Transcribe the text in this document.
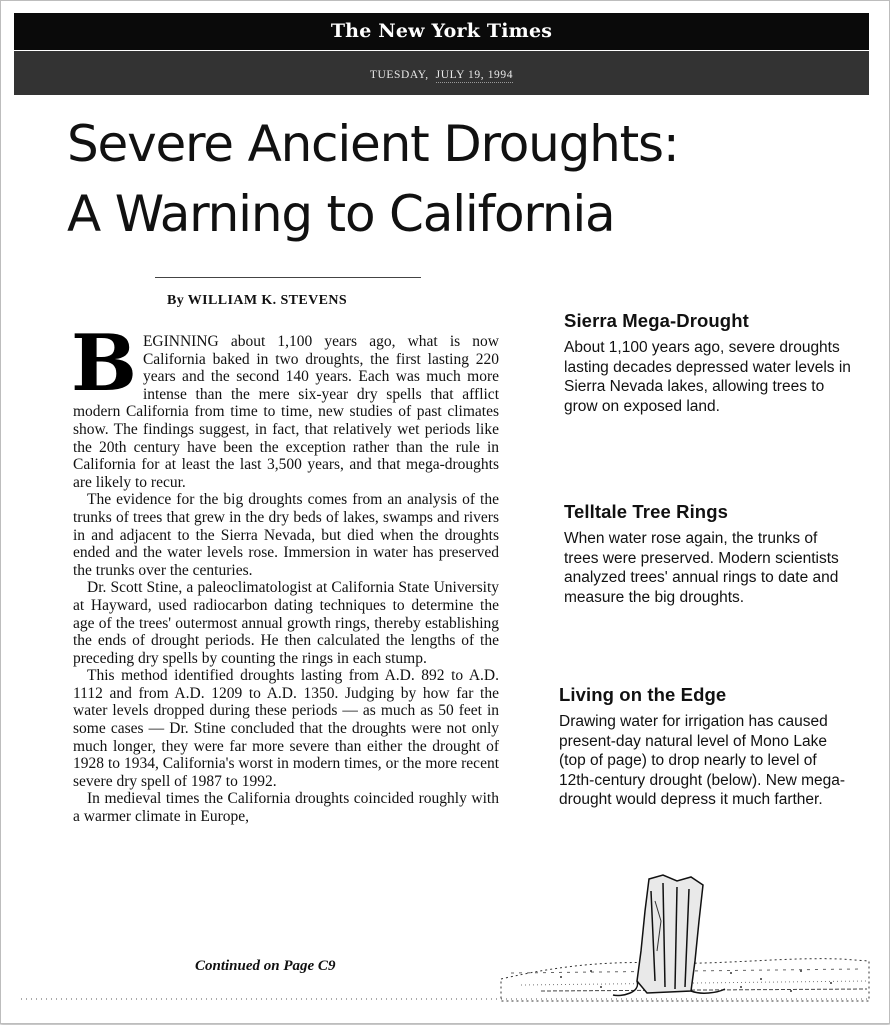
The New York Times
TUESDAY, JULY 19, 1994
Severe Ancient Droughts:
A Warning to California
By WILLIAM K. STEVENS

BEGINNING about 1,100 years ago, what is now California baked in two droughts, the first lasting 220 years and the second 140 years. Each was much more intense than the mere six-year dry spells that afflict modern California from time to time, new studies of past climates show. The findings suggest, in fact, that relatively wet periods like the 20th century have been the exception rather than the rule in California for at least the last 3,500 years, and that mega-droughts are likely to recur.

The evidence for the big droughts comes from an analysis of the trunks of trees that grew in the dry beds of lakes, swamps and rivers in and adjacent to the Sierra Nevada, but died when the droughts ended and the water levels rose. Immersion in water has preserved the trunks over the centuries.

Dr. Scott Stine, a paleoclimatologist at California State University at Hayward, used radiocarbon dating techniques to determine the age of the trees' outermost annual growth rings, thereby establishing the ends of drought periods. He then calculated the lengths of the preceding dry spells by counting the rings in each stump.

This method identified droughts lasting from A.D. 892 to A.D. 1112 and from A.D. 1209 to A.D. 1350. Judging by how far the water levels dropped during these periods — as much as 50 feet in some cases — Dr. Stine concluded that the droughts were not only much longer, they were far more severe than either the drought of 1928 to 1934, California's worst in modern times, or the more recent severe dry spell of 1987 to 1992.

In medieval times the California droughts coincided roughly with a warmer climate in Europe,

Continued on Page C9
Sierra Mega-Drought

About 1,100 years ago, severe droughts lasting decades depressed water levels in Sierra Nevada lakes, allowing trees to grow on exposed land.

Telltale Tree Rings

When water rose again, the trunks of trees were preserved. Modern scientists analyzed trees' annual rings to date and measure the big droughts.

Living on the Edge

Drawing water for irrigation has caused present-day natural level of Mono Lake (top of page) to drop nearly to level of 12th-century drought (below). New mega-drought would depress it much farther.
